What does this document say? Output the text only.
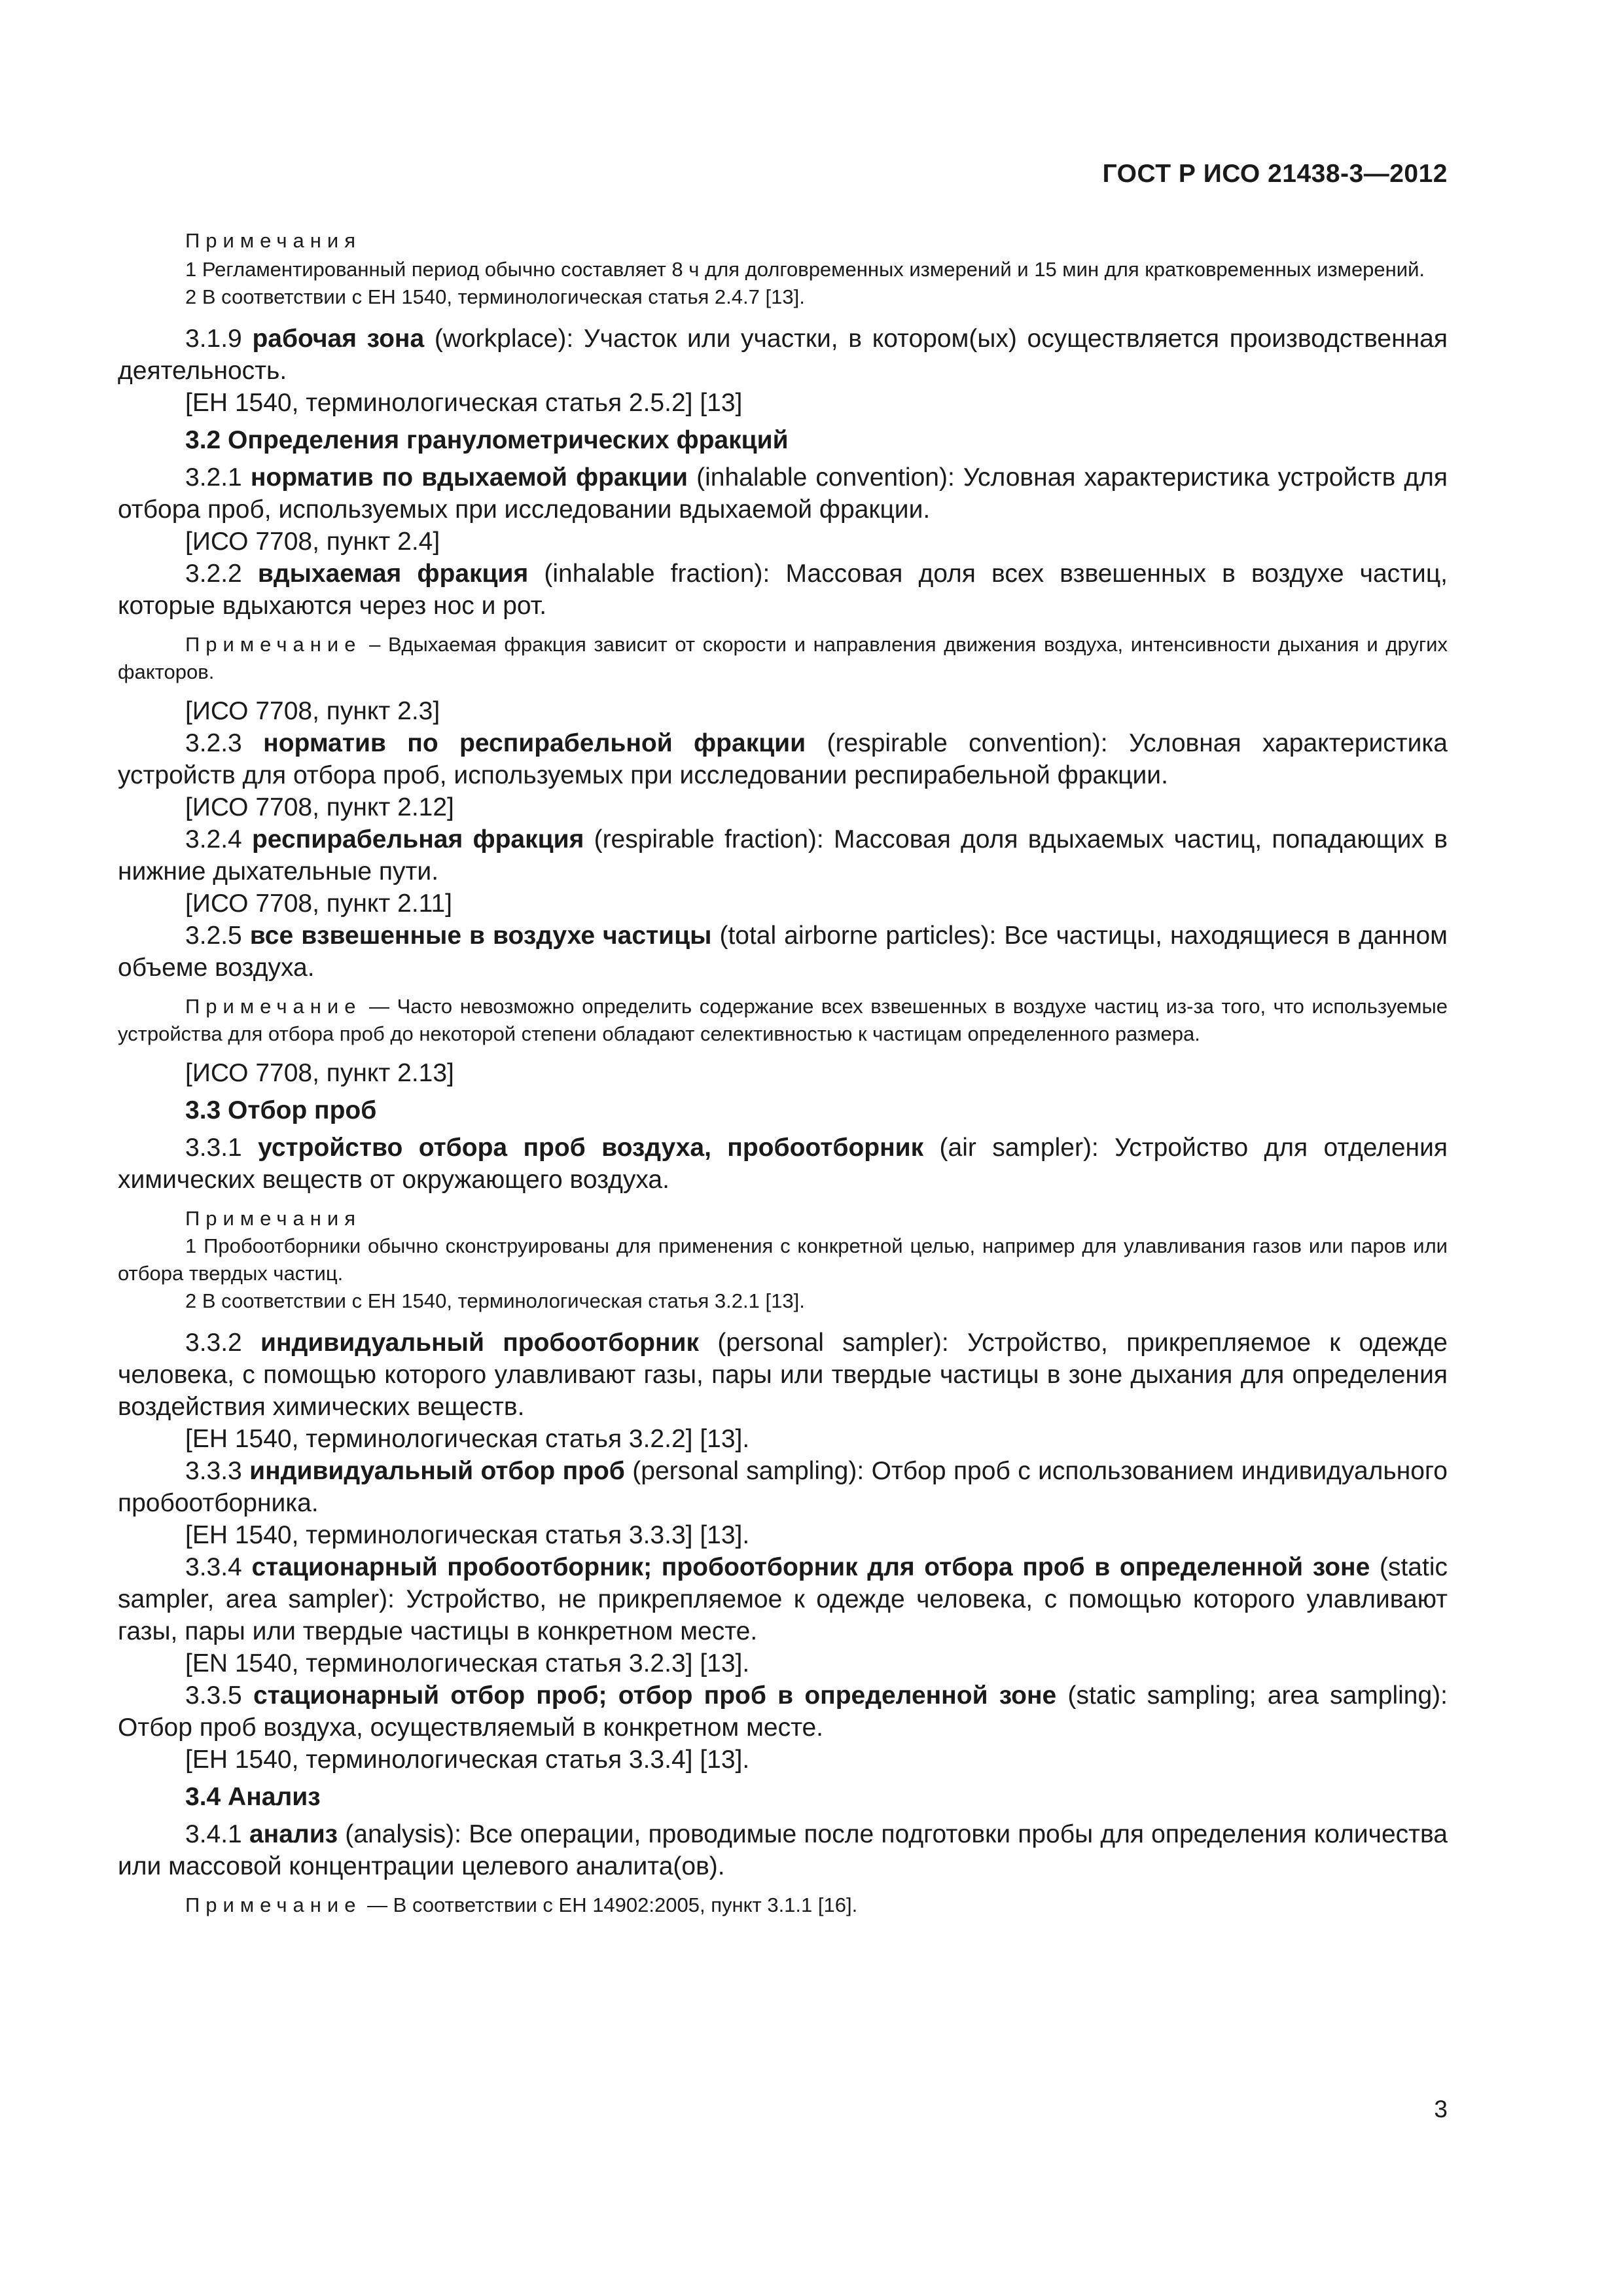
ГОСТ Р ИСО 21438-3—2012
Примечания
1 Регламентированный период обычно составляет 8 ч для долговременных измерений и 15 мин для кратковременных измерений.
2 В соответствии с ЕН 1540, терминологическая статья 2.4.7 [13].
3.1.9 рабочая зона (workplace): Участок или участки, в котором(ых) осуществляется производственная деятельность.
[ЕН 1540, терминологическая статья 2.5.2] [13]
3.2 Определения гранулометрических фракций
3.2.1 норматив по вдыхаемой фракции (inhalable convention): Условная характеристика устройств для отбора проб, используемых при исследовании вдыхаемой фракции.
[ИСО 7708, пункт 2.4]
3.2.2 вдыхаемая фракция (inhalable fraction): Массовая доля всех взвешенных в воздухе частиц, которые вдыхаются через нос и рот.
Примечание – Вдыхаемая фракция зависит от скорости и направления движения воздуха, интенсивности дыхания и других факторов.
[ИСО 7708, пункт 2.3]
3.2.3 норматив по респирабельной фракции (respirable convention): Условная характеристика устройств для отбора проб, используемых при исследовании респирабельной фракции.
[ИСО 7708, пункт 2.12]
3.2.4 респирабельная фракция (respirable fraction): Массовая доля вдыхаемых частиц, попадающих в нижние дыхательные пути.
[ИСО 7708, пункт 2.11]
3.2.5 все взвешенные в воздухе частицы (total airborne particles): Все частицы, находящиеся в данном объеме воздуха.
Примечание — Часто невозможно определить содержание всех взвешенных в воздухе частиц из-за того, что используемые устройства для отбора проб до некоторой степени обладают селективностью к частицам определенного размера.
[ИСО 7708, пункт 2.13]
3.3 Отбор проб
3.3.1 устройство отбора проб воздуха, пробоотборник (air sampler): Устройство для отделения химических веществ от окружающего воздуха.
Примечания
1 Пробоотборники обычно сконструированы для применения с конкретной целью, например для улавливания газов или паров или отбора твердых частиц.
2 В соответствии с ЕН 1540, терминологическая статья 3.2.1 [13].
3.3.2 индивидуальный пробоотборник (personal sampler): Устройство, прикрепляемое к одежде человека, с помощью которого улавливают газы, пары или твердые частицы в зоне дыхания для определения воздействия химических веществ.
[ЕН 1540, терминологическая статья 3.2.2] [13].
3.3.3 индивидуальный отбор проб (personal sampling): Отбор проб с использованием индивидуального пробоотборника.
[ЕН 1540, терминологическая статья 3.3.3] [13].
3.3.4 стационарный пробоотборник; пробоотборник для отбора проб в определенной зоне (static sampler, area sampler): Устройство, не прикрепляемое к одежде человека, с помощью которого улавливают газы, пары или твердые частицы в конкретном месте.
[EN 1540, терминологическая статья 3.2.3] [13].
3.3.5 стационарный отбор проб; отбор проб в определенной зоне (static sampling; area sampling): Отбор проб воздуха, осуществляемый в конкретном месте.
[ЕН 1540, терминологическая статья 3.3.4] [13].
3.4 Анализ
3.4.1 анализ (analysis): Все операции, проводимые после подготовки пробы для определения количества или массовой концентрации целевого аналита(ов).
Примечание — В соответствии с ЕН 14902:2005, пункт 3.1.1 [16].
3
